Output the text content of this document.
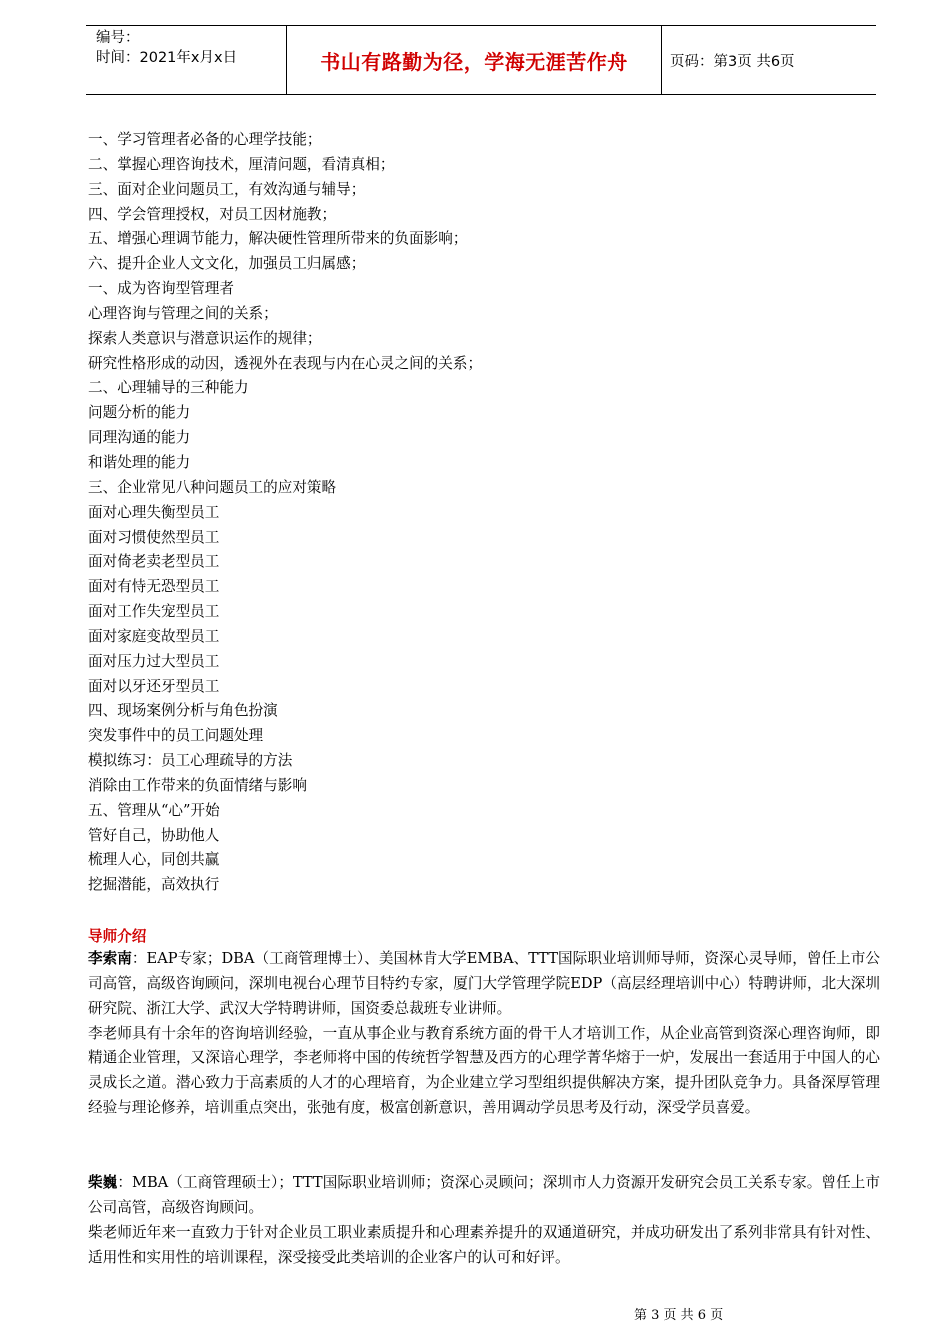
编号：
时间：2021年x月x日	书山有路勤为径，学海无涯苦作舟	页码：第3页 共6页
一、学习管理者必备的心理学技能；
二、掌握心理咨询技术，厘清问题，看清真相；
三、面对企业问题员工，有效沟通与辅导；
四、学会管理授权，对员工因材施教；
五、增强心理调节能力，解决硬性管理所带来的负面影响；
六、提升企业人文文化，加强员工归属感；
一、成为咨询型管理者
心理咨询与管理之间的关系；
探索人类意识与潜意识运作的规律；
研究性格形成的动因，透视外在表现与内在心灵之间的关系；
二、心理辅导的三种能力
问题分析的能力
同理沟通的能力
和谐处理的能力
三、企业常见八种问题员工的应对策略
面对心理失衡型员工
面对习惯使然型员工
面对倚老卖老型员工
面对有恃无恐型员工
面对工作失宠型员工
面对家庭变故型员工
面对压力过大型员工
面对以牙还牙型员工
四、现场案例分析与角色扮演
突发事件中的员工问题处理
模拟练习：员工心理疏导的方法
消除由工作带来的负面情绪与影响
五、管理从“心”开始
管好自己，协助他人
梳理人心，同创共赢
挖掘潜能，高效执行
导师介绍

李索南：EAP专家；DBA（工商管理博士）、美国林肯大学EMBA、TTT国际职业培训师导师，资深心灵导师，曾任上市公司高管，高级咨询顾问，深圳电视台心理节目特约专家，厦门大学管理学院EDP（高层经理培训中心）特聘讲师，北大深圳研究院、浙江大学、武汉大学特聘讲师，国资委总裁班专业讲师。

李老师具有十余年的咨询培训经验，一直从事企业与教育系统方面的骨干人才培训工作，从企业高管到资深心理咨询师，即精通企业管理，又深谙心理学，李老师将中国的传统哲学智慧及西方的心理学菁华熔于一炉，发展出一套适用于中国人的心灵成长之道。潜心致力于高素质的人才的心理培育，为企业建立学习型组织提供解决方案，提升团队竞争力。具备深厚管理经验与理论修养，培训重点突出，张弛有度，极富创新意识，善用调动学员思考及行动，深受学员喜爱。

柴巍：MBA（工商管理硕士）；TTT国际职业培训师；资深心灵顾问；深圳市人力资源开发研究会员工关系专家。曾任上市公司高管，高级咨询顾问。

柴老师近年来一直致力于针对企业员工职业素质提升和心理素养提升的双通道研究，并成功研发出了系列非常具有针对性、适用性和实用性的培训课程，深受接受此类培训的企业客户的认可和好评。

第 3 页 共 6 页
